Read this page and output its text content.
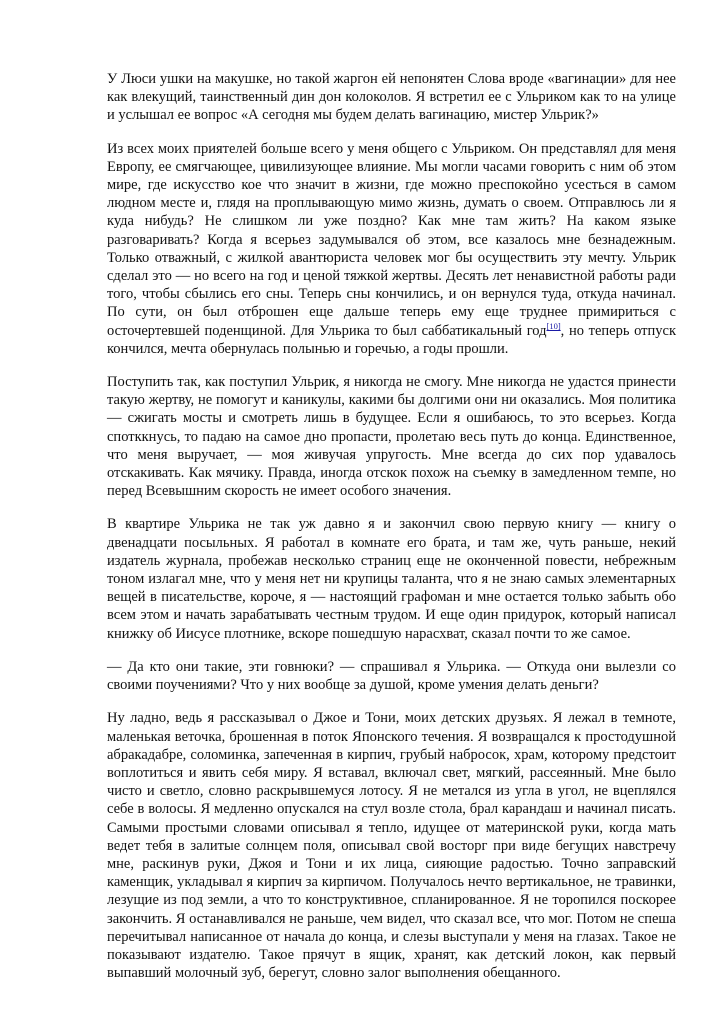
У Люси ушки на макушке, но такой жаргон ей непонятен Слова вроде «вагинации» для нее как влекущий, таинственный дин дон колоколов. Я встретил ее с Ульриком как то на улице и услышал ее вопрос «А сегодня мы будем делать вагинацию, мистер Ульрик?»

Из всех моих приятелей больше всего у меня общего с Ульриком. Он представлял для меня Европу, ее смягчающее, цивилизующее влияние. Мы могли часами говорить с ним об этом мире, где искусство кое что значит в жизни, где можно преспокойно усесться в самом людном месте и, глядя на проплывающую мимо жизнь, думать о своем. Отправлюсь ли я куда нибудь? Не слишком ли уже поздно? Как мне там жить? На каком языке разговаривать? Когда я всерьез задумывался об этом, все казалось мне безнадежным. Только отважный, с жилкой авантюриста человек мог бы осуществить эту мечту. Ульрик сделал это — но всего на год и ценой тяжкой жертвы. Десять лет ненавистной работы ради того, чтобы сбылись его сны. Теперь сны кончились, и он вернулся туда, откуда начинал. По сути, он был отброшен еще дальше теперь ему еще труднее примириться с осточертевшей поденщиной. Для Ульрика то был саббатикальный год[10], но теперь отпуск кончился, мечта обернулась полынью и горечью, а годы прошли.

Поступить так, как поступил Ульрик, я никогда не смогу. Мне никогда не удастся принести такую жертву, не помогут и каникулы, какими бы долгими они ни оказались. Моя политика — сжигать мосты и смотреть лишь в будущее. Если я ошибаюсь, то это всерьез. Когда спотккнусь, то падаю на самое дно пропасти, пролетаю весь путь до конца. Единственное, что меня выручает, — моя живучая упругость. Мне всегда до сих пор удавалось отскакивать. Как мячику. Правда, иногда отскок похож на съемку в замедленном темпе, но перед Всевышним скорость не имеет особого значения.

В квартире Ульрика не так уж давно я и закончил свою первую книгу — книгу о двенадцати посыльных. Я работал в комнате его брата, и там же, чуть раньше, некий издатель журнала, пробежав несколько страниц еще не оконченной повести, небрежным тоном излагал мне, что у меня нет ни крупицы таланта, что я не знаю самых элементарных вещей в писательстве, короче, я — настоящий графоман и мне остается только забыть обо всем этом и начать зарабатывать честным трудом. И еще один придурок, который написал книжку об Иисусе плотнике, вскоре пошедшую нарасхват, сказал почти то же самое.

— Да кто они такие, эти говнюки? — спрашивал я Ульрика. — Откуда они вылезли со своими поучениями? Что у них вообще за душой, кроме умения делать деньги?

Ну ладно, ведь я рассказывал о Джое и Тони, моих детских друзьях. Я лежал в темноте, маленькая веточка, брошенная в поток Японского течения. Я возвращался к простодушной абракадабре, соломинка, запеченная в кирпич, грубый набросок, храм, которому предстоит воплотиться и явить себя миру. Я вставал, включал свет, мягкий, рассеянный. Мне было чисто и светло, словно раскрывшемуся лотосу. Я не метался из угла в угол, не вцеплялся себе в волосы. Я медленно опускался на стул возле стола, брал карандаш и начинал писать. Самыми простыми словами описывал я тепло, идущее от материнской руки, когда мать ведет тебя в залитые солнцем поля, описывал свой восторг при виде бегущих навстречу мне, раскинув руки, Джоя и Тони и их лица, сияющие радостью. Точно заправский каменщик, укладывал я кирпич за кирпичом. Получалось нечто вертикальное, не травинки, лезущие из под земли, а что то конструктивное, спланированное. Я не торопился поскорее закончить. Я останавливался не раньше, чем видел, что сказал все, что мог. Потом не спеша перечитывал написанное от начала до конца, и слезы выступали у меня на глазах. Такое не показывают издателю. Такое прячут в ящик, хранят, как детский локон, как первый выпавший молочный зуб, берегут, словно залог выполнения обещанного.
